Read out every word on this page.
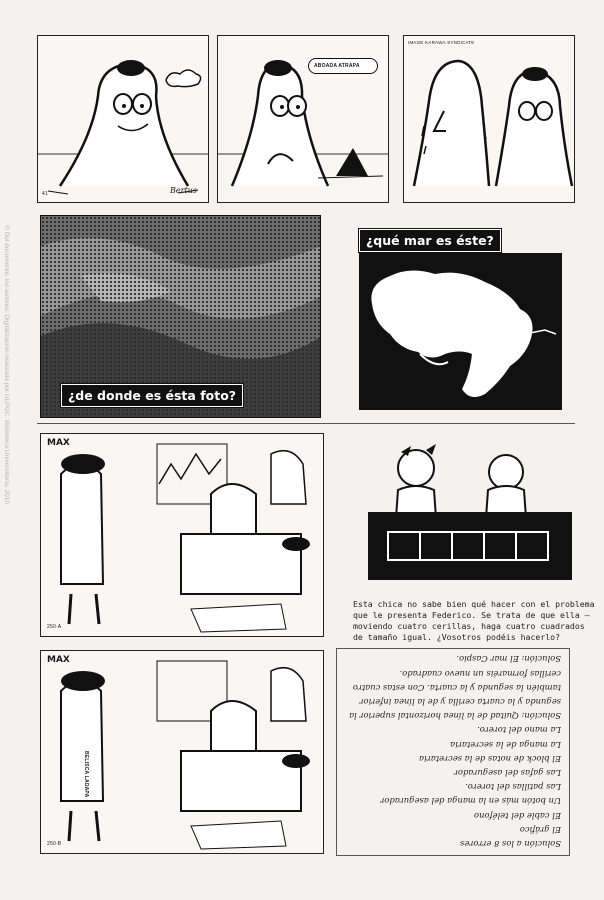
© Del documento, los autores. Digitalización realizada por ULPGC. Biblioteca Universitaria, 2010
41	Bertus
ABOADA ATRAPA
IMAGE·KARAWA·SYNDICATE
¿de donde es ésta foto?
¿qué mar es éste?
MAX
250·A

Esta chica no sabe bien qué hacer con el problema

que le presenta Federico. Se trata de que ella —

moviendo cuatro cerillas, haga cuatro cuadrados

de tamaño igual. ¿Vosotros podéis hacerlo?

MAX
250·B
BELISCA LADAPA

Solución a los 8 errores

El gráfico

El cable del teléfono

Un botón más en la manga del asegurador

Las patillas del torero.

Las gafas del asegurador

El block de notas de la secretaria

La manga de la secretaria

La mano del torero.

Solución: Quitad de la línea horizontal superior la

segunda y la cuarta cerilla y de la línea inferior

también la segunda y la cuarta. Con estas cuatro

cerillas formaréis un nuevo cuadrado.

Solución: El mar Caspio.
